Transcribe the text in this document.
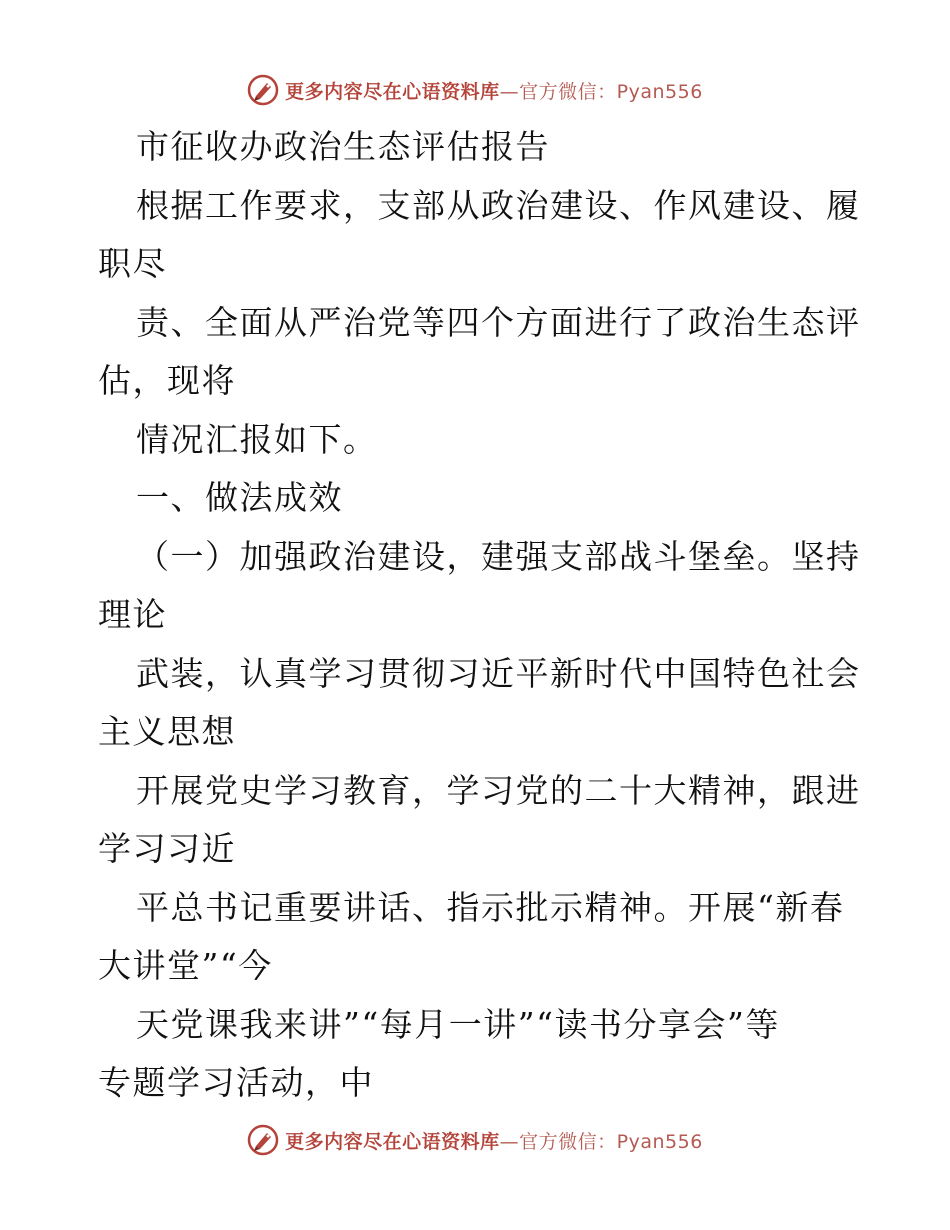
更多内容尽在心语资料库—官方微信：Pyan556
市征收办政治生态评估报告
根据工作要求，支部从政治建设、作风建设、履
职尽
责、全面从严治党等四个方面进行了政治生态评
估，现将
情况汇报如下。
一、做法成效
（一）加强政治建设，建强支部战斗堡垒。坚持
理论
武装，认真学习贯彻习近平新时代中国特色社会
主义思想
开展党史学习教育，学习党的二十大精神，跟进
学习习近
平总书记重要讲话、指示批示精神。开展“新春
大讲堂”“今
天党课我来讲”“每月一讲”“读书分享会”等
专题学习活动，中
更多内容尽在心语资料库—官方微信：Pyan556
